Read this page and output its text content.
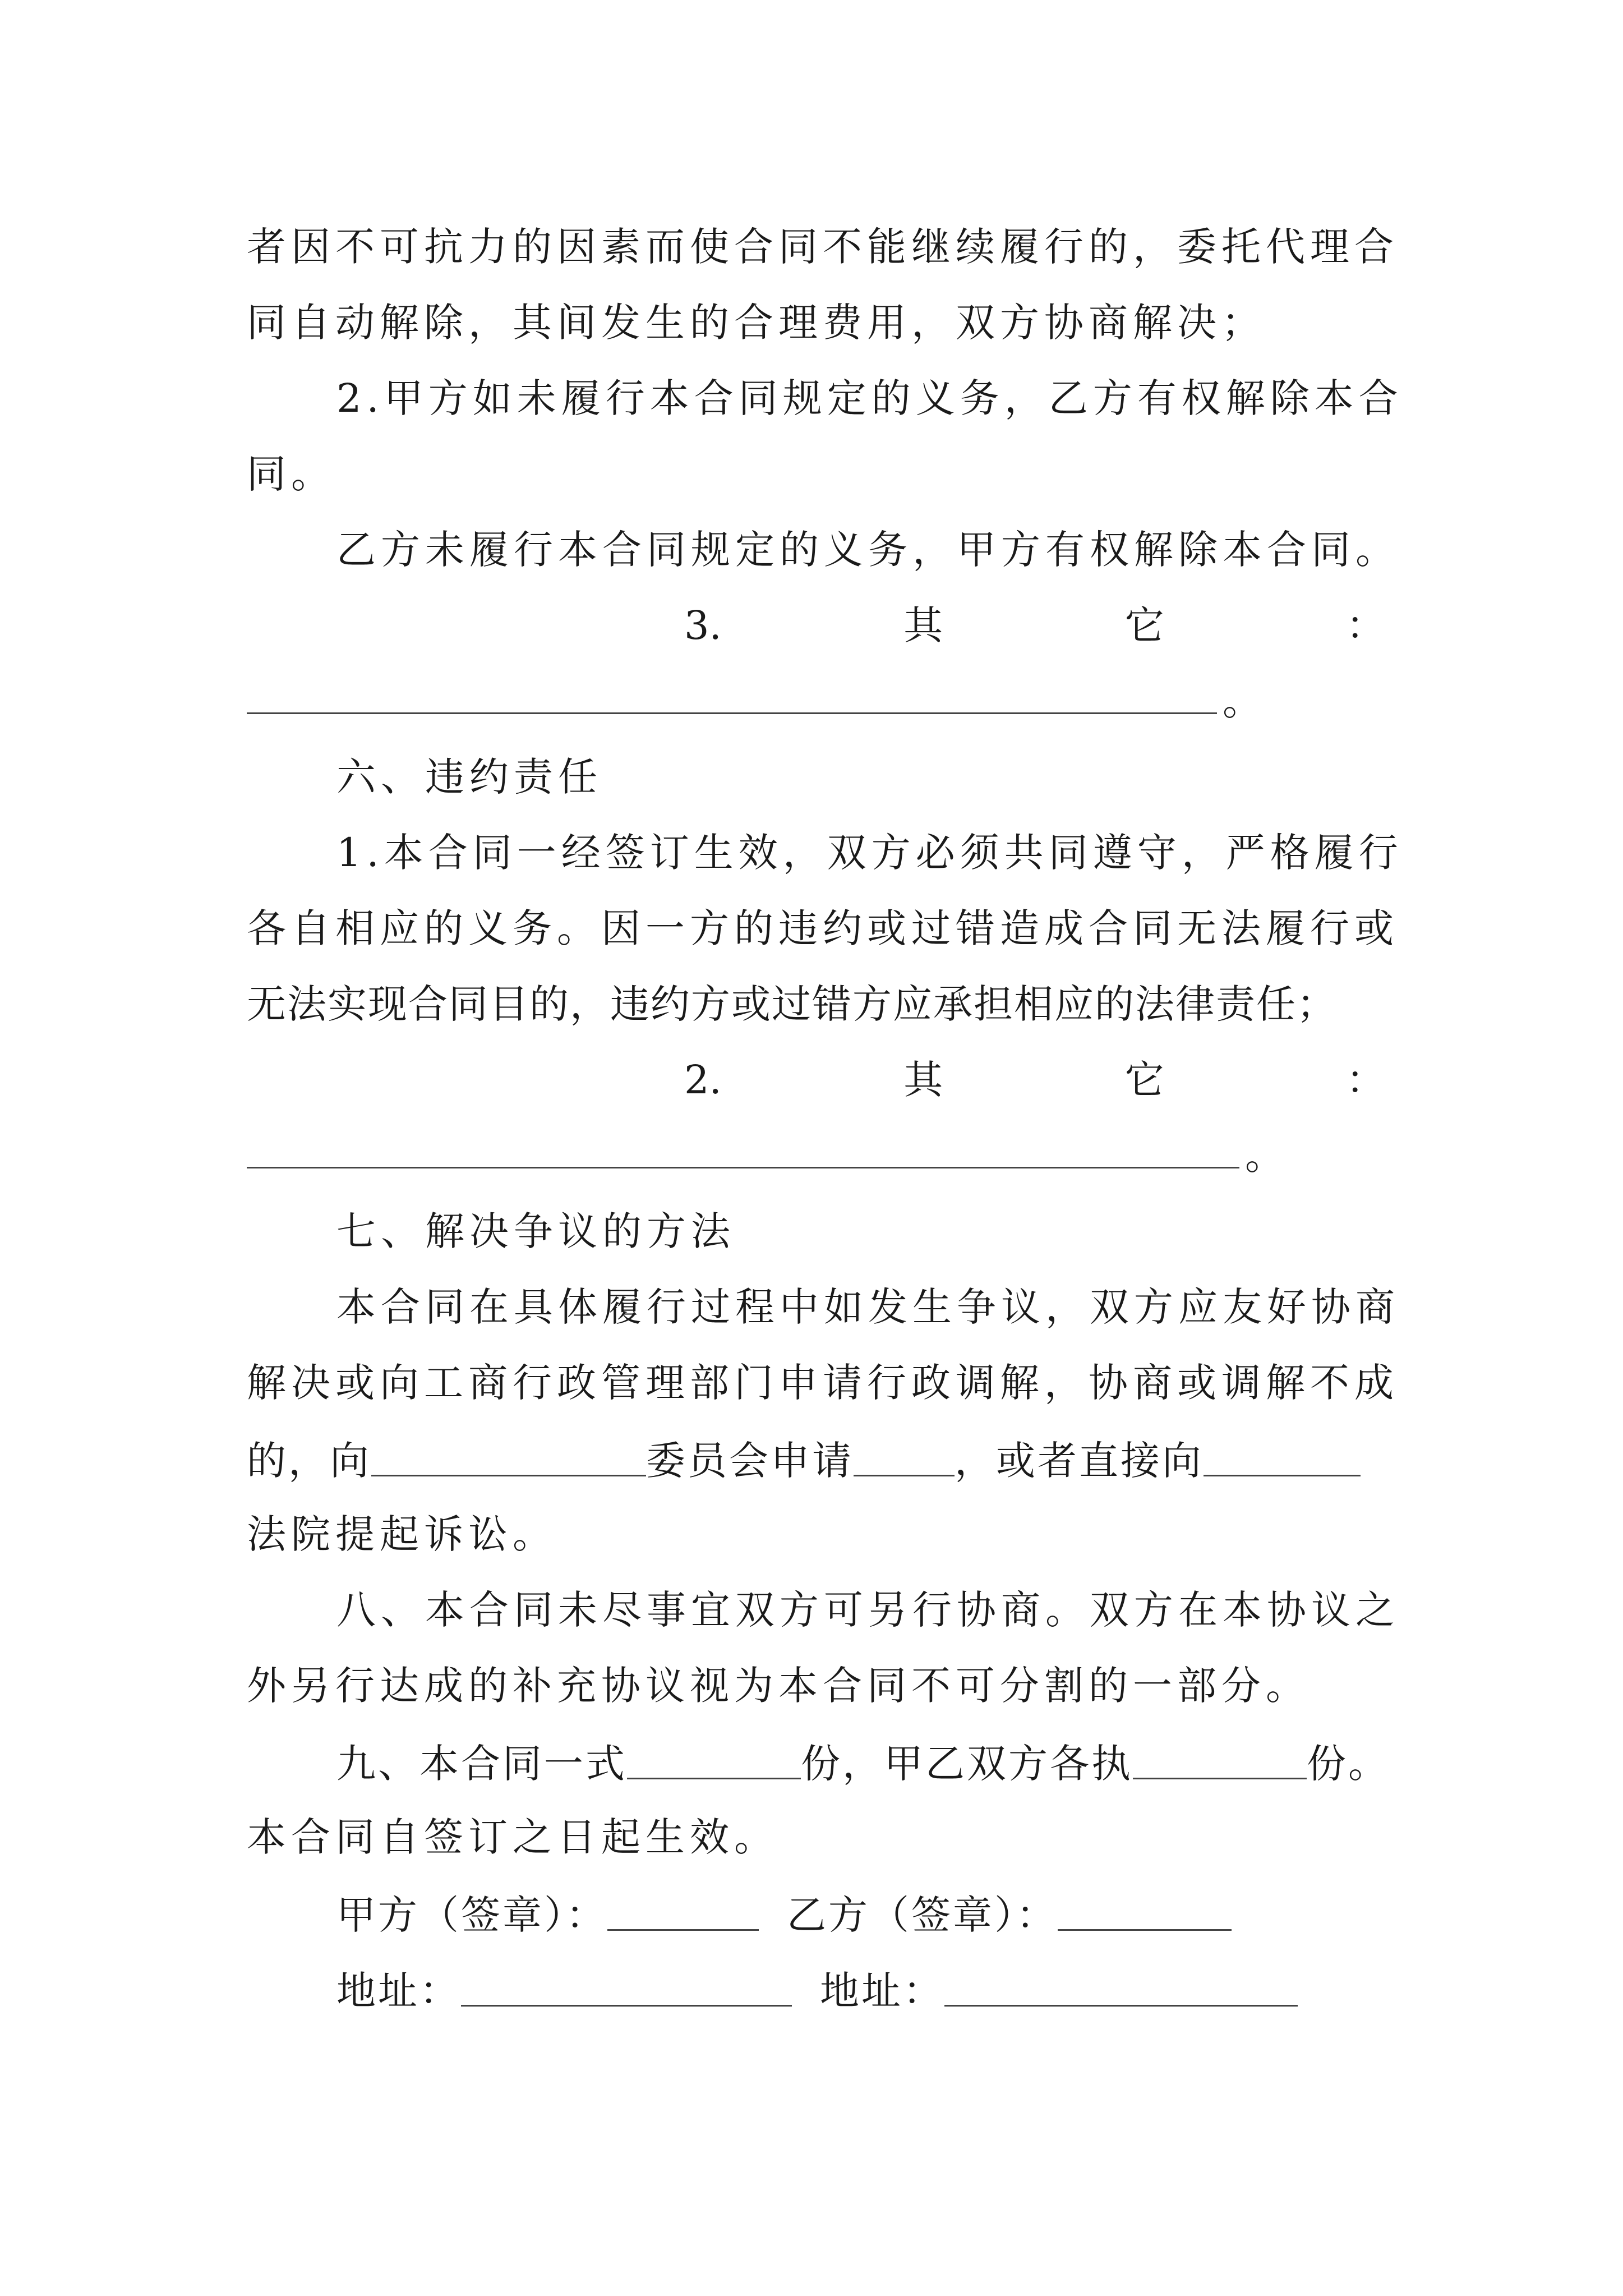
者因不可抗力的因素而使合同不能继续履行的，委托代理合
同自动解除，其间发生的合理费用，双方协商解决；
2.甲方如未履行本合同规定的义务，乙方有权解除本合
同。
乙方未履行本合同规定的义务，甲方有权解除本合同。
3.	其	它	：
。
六、违约责任
1.本合同一经签订生效，双方必须共同遵守，严格履行
各自相应的义务。因一方的违约或过错造成合同无法履行或
无法实现合同目的，违约方或过错方应承担相应的法律责任；
2.	其	它	：
。
七、解决争议的方法
本合同在具体履行过程中如发生争议，双方应友好协商
解决或向工商行政管理部门申请行政调解，协商或调解不成
的，向	委员会申请	，或者直接向
法院提起诉讼。
八、本合同未尽事宜双方可另行协商。双方在本协议之
外另行达成的补充协议视为本合同不可分割的一部分。
九、本合同一式	份，甲乙双方各执	份。
本合同自签订之日起生效。
甲方（签章）：	乙方（签章）：
地址：	地址：
